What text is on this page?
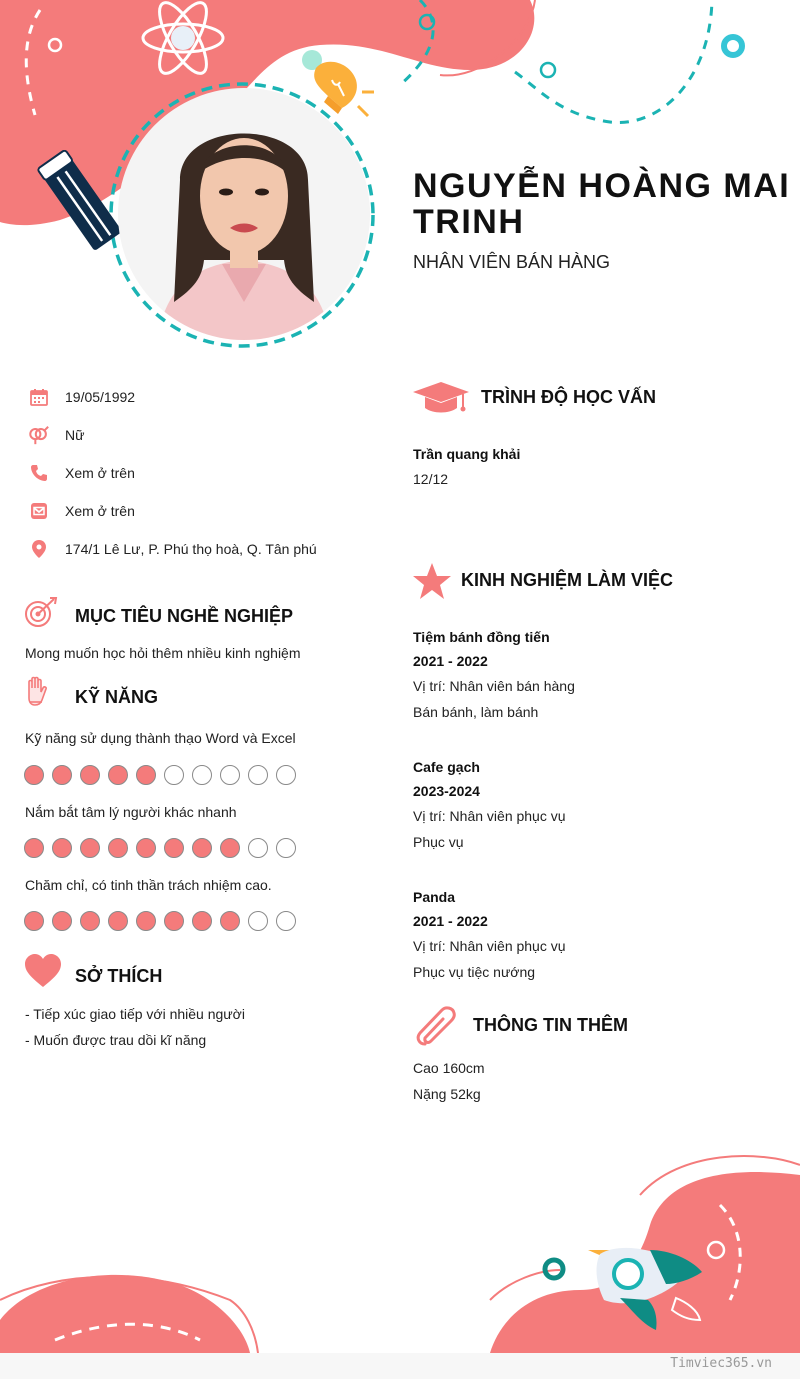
NGUYỄN HOÀNG MAI TRINH
NHÂN VIÊN BÁN HÀNG
19/05/1992
Nữ
Xem ở trên
Xem ở trên
174/1 Lê Lư, P. Phú thọ hoà, Q. Tân phú
MỤC TIÊU NGHỀ NGHIỆP
Mong muốn học hỏi thêm nhiều kinh nghiệm
KỸ NĂNG
Kỹ năng sử dụng thành thạo Word và Excel
Nắm bắt tâm lý người khác nhanh
Chăm chỉ, có tinh thần trách nhiệm cao.
SỞ THÍCH
- Tiếp xúc giao tiếp với nhiều người
- Muốn được trau dồi kĩ năng
TRÌNH ĐỘ HỌC VẤN
Trần quang khải
12/12
KINH NGHIỆM LÀM VIỆC
Tiệm bánh đồng tiến
2021 - 2022
Vị trí: Nhân viên bán hàng
Bán bánh, làm bánh
Cafe gạch
2023-2024
Vị trí: Nhân viên phục vụ
Phục vụ
Panda
2021 - 2022
Vị trí: Nhân viên phục vụ
Phục vụ tiệc nướng
THÔNG TIN THÊM
Cao 160cm
Nặng 52kg
Timviec365.vn
